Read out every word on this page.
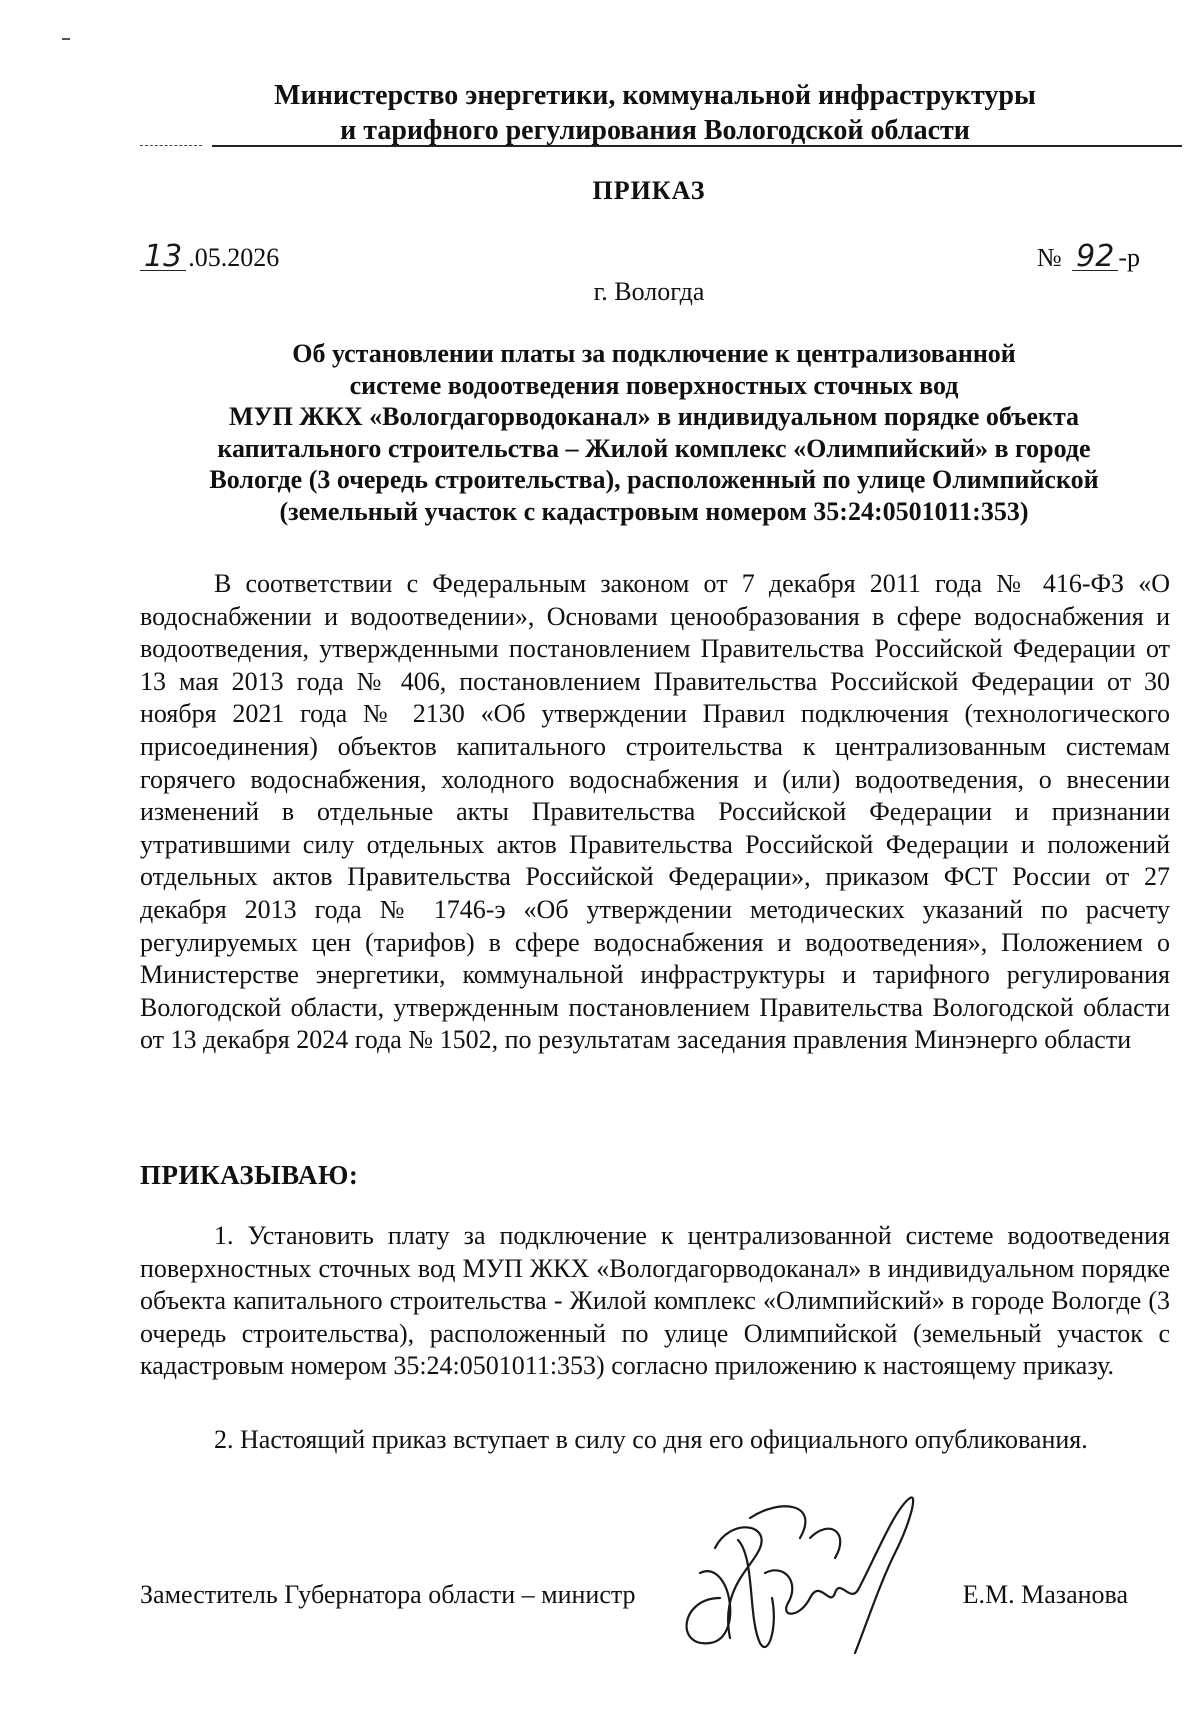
Министерство энергетики, коммунальной инфраструктуры
и тарифного регулирования Вологодской области
ПРИКАЗ
13 .05.2026	№ 92 -р
г. Вологда
Об установлении платы за подключение к централизованной
системе водоотведения поверхностных сточных вод
МУП ЖКХ «Вологдагорводоканал» в индивидуальном порядке объекта
капитального строительства – Жилой комплекс «Олимпийский» в городе
Вологде (3 очередь строительства), расположенный по улице Олимпийской
(земельный участок с кадастровым номером 35:24:0501011:353)
В соответствии с Федеральным законом от 7 декабря 2011 года № 416-ФЗ «О водоснабжении и водоотведении», Основами ценообразования в сфере водоснабжения и водоотведения, утвержденными постановлением Правительства Российской Федерации от 13 мая 2013 года № 406, постановлением Правительства Российской Федерации от 30 ноября 2021 года № 2130 «Об утверждении Правил подключения (технологического присоединения) объектов капитального строительства к централизованным системам горячего водоснабжения, холодного водоснабжения и (или) водоотведения, о внесении изменений в отдельные акты Правительства Российской Федерации и признании утратившими силу отдельных актов Правительства Российской Федерации и положений отдельных актов Правительства Российской Федерации», приказом ФСТ России от 27 декабря 2013 года № 1746-э «Об утверждении методических указаний по расчету регулируемых цен (тарифов) в сфере водоснабжения и водоотведения», Положением о Министерстве энергетики, коммунальной инфраструктуры и тарифного регулирования Вологодской области, утвержденным постановлением Правительства Вологодской области от 13 декабря 2024 года № 1502, по результатам заседания правления Минэнерго области
ПРИКАЗЫВАЮ:
1. Установить плату за подключение к централизованной системе водоотведения поверхностных сточных вод МУП ЖКХ «Вологдагорводоканал» в индивидуальном порядке объекта капитального строительства - Жилой комплекс «Олимпийский» в городе Вологде (3 очередь строительства), расположенный по улице Олимпийской (земельный участок с кадастровым номером 35:24:0501011:353) согласно приложению к настоящему приказу.
2. Настоящий приказ вступает в силу со дня его официального опубликования.
Заместитель Губернатора области – министр	Е.М. Мазанова
